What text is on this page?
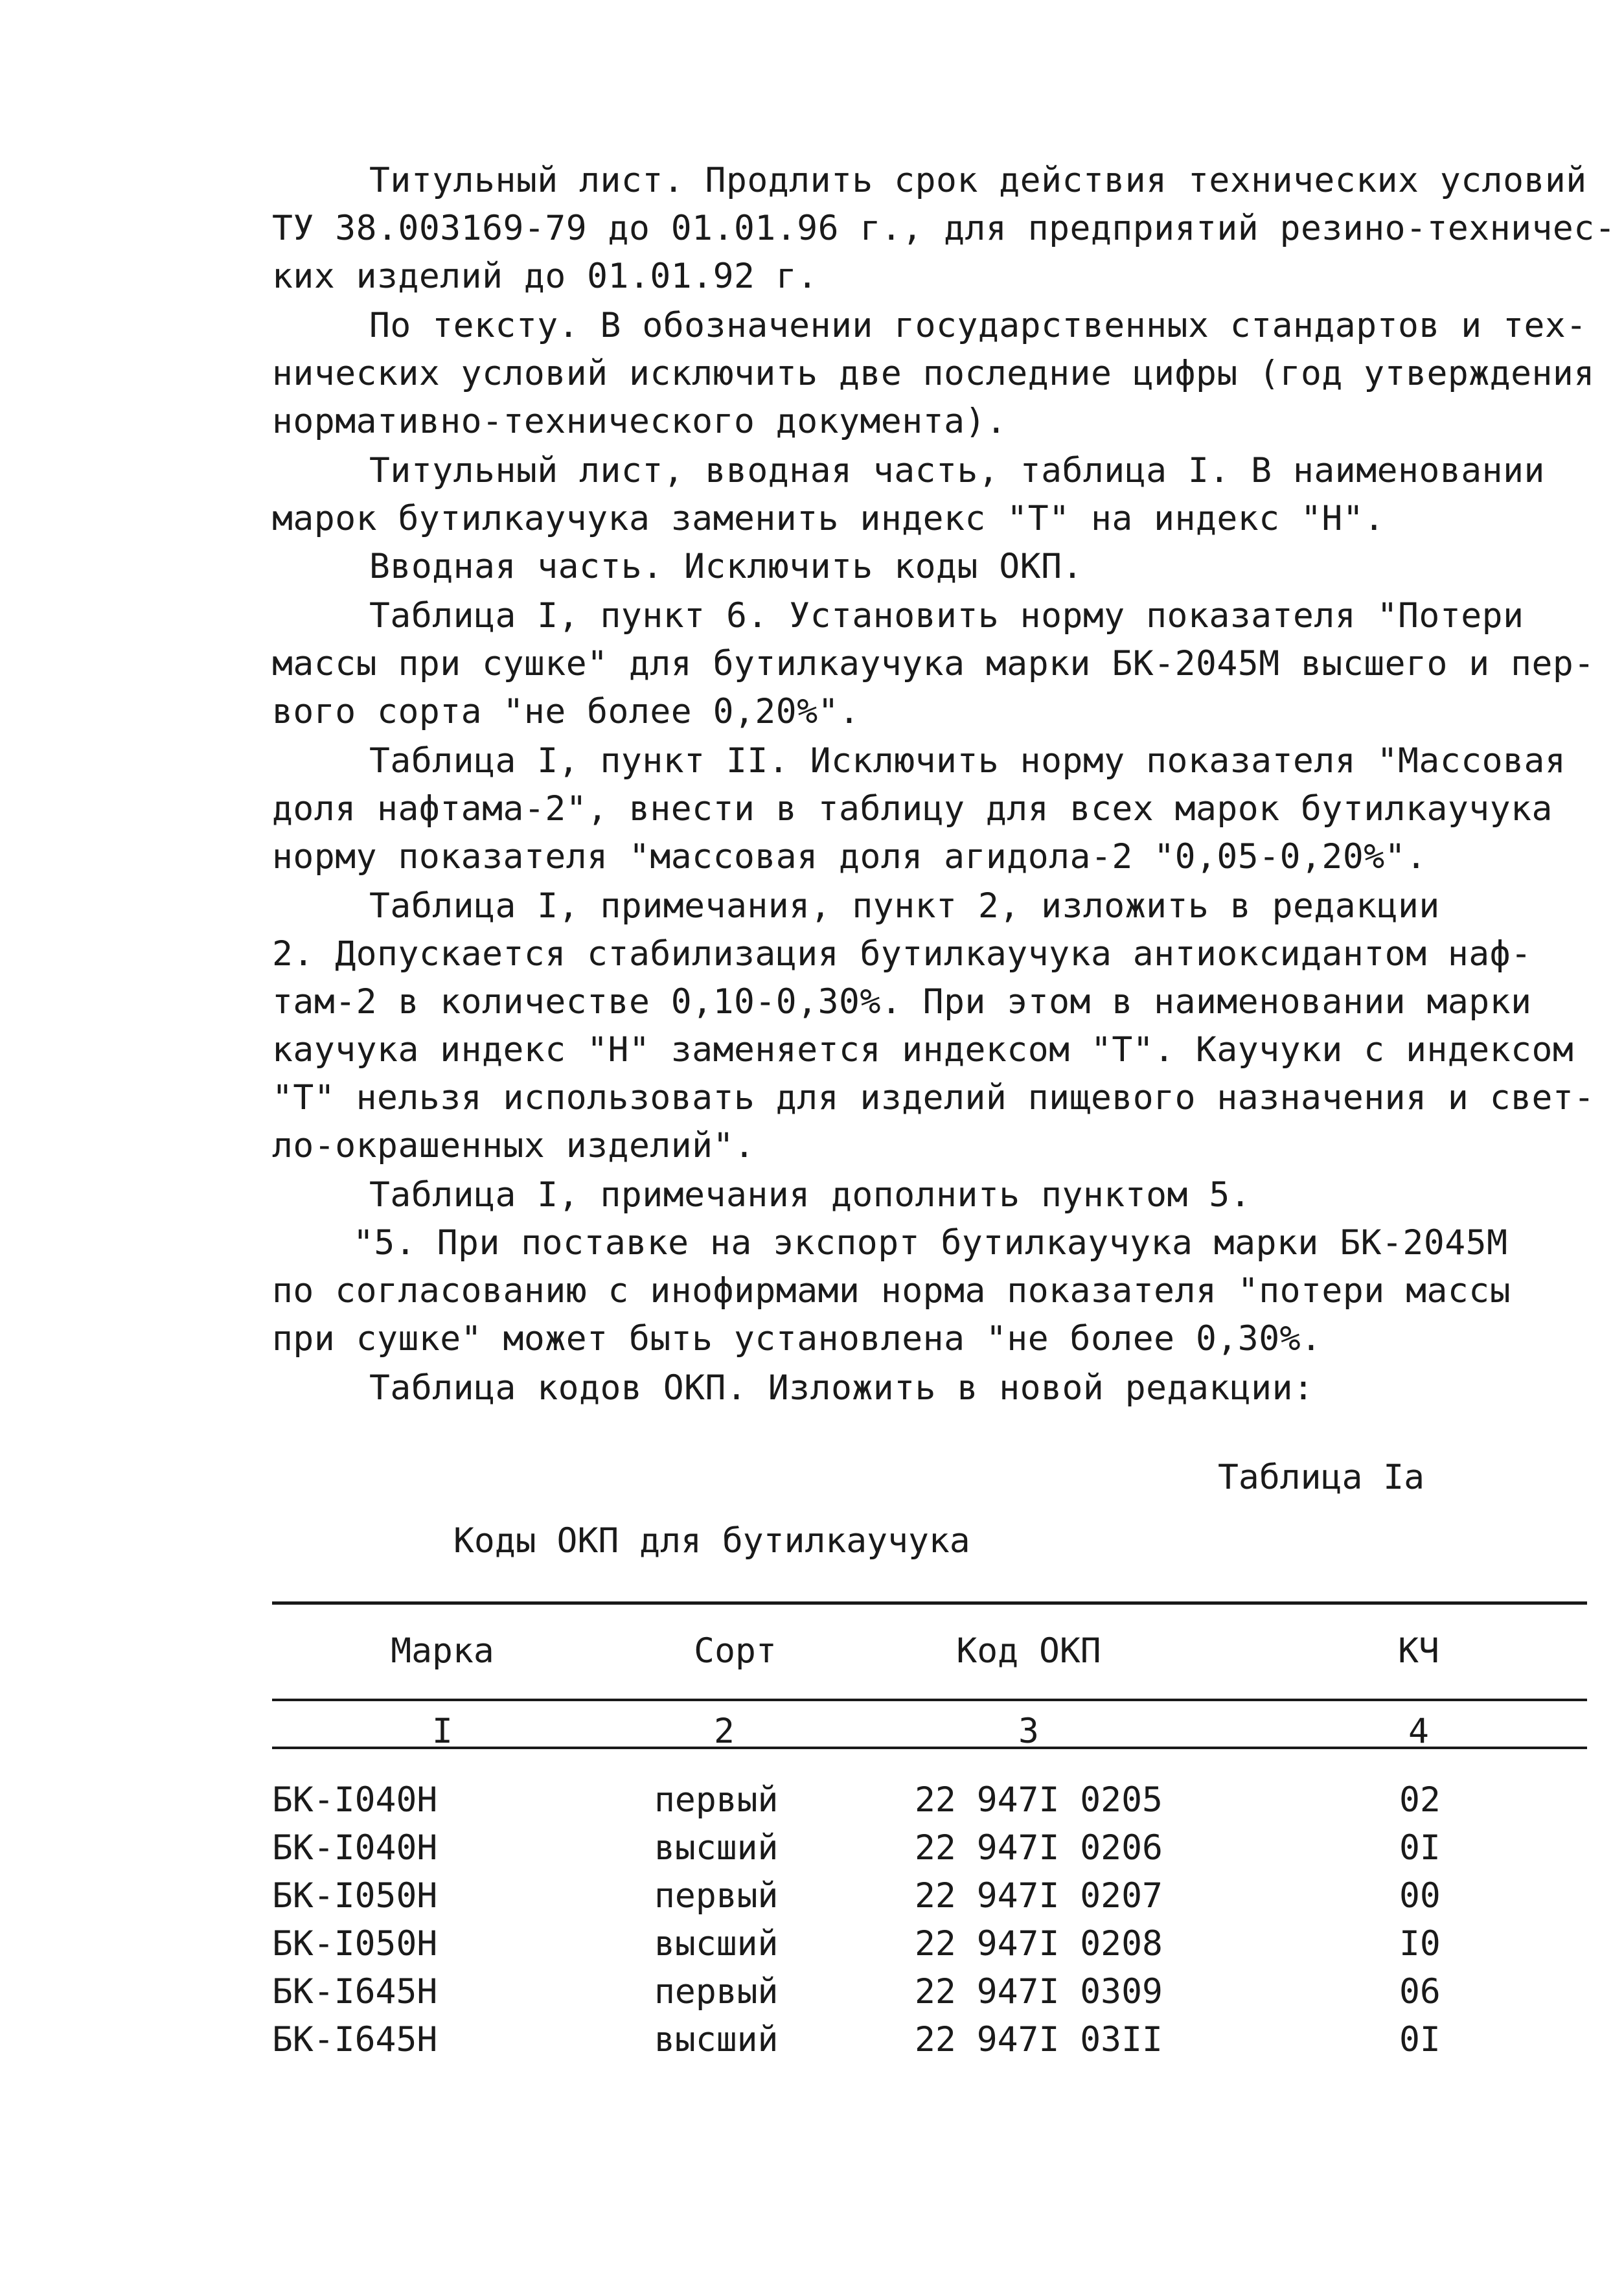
Титульный лист. Продлить срок действия технических условий
ТУ 38.003169-79 до 01.01.96 г., для предприятий резино-техничес-
ких изделий до 01.01.92 г.
По тексту. В обозначении государственных стандартов и тех-
нических условий исключить две последние цифры (год утверждения
нормативно-технического документа).
Титульный лист, вводная часть, таблица I. В наименовании
марок бутилкаучука заменить индекс "Т" на индекс "Н".
Вводная часть. Исключить коды ОКП.
Таблица I, пункт 6. Установить норму показателя "Потери
массы при сушке" для бутилкаучука марки БК-2045М высшего и пер-
вого сорта "не более 0,20%".
Таблица I, пункт II. Исключить норму показателя "Массовая
доля нафтама-2", внести в таблицу для всех марок бутилкаучука
норму показателя "массовая доля агидола-2 "0,05-0,20%".
Таблица I, примечания, пункт 2, изложить в редакции
2. Допускается стабилизация бутилкаучука антиоксидантом наф-
там-2 в количестве 0,10-0,30%. При этом в наименовании марки
каучука индекс "Н" заменяется индексом "Т". Каучуки с индексом
"Т" нельзя использовать для изделий пищевого назначения и свет-
ло-окрашенных изделий".
Таблица I, примечания дополнить пунктом 5.
"5. При поставке на экспорт бутилкаучука марки БК-2045М
по согласованию с инофирмами норма показателя "потери массы
при сушке" может быть установлена "не более 0,30%.
Таблица кодов ОКП. Изложить в новой редакции:
Таблица Iа
Коды ОКП для бутилкаучука
Марка	Сорт	Код ОКП	КЧ
I	2	3	4
БК-I040Н	первый	22 947I 0205	02
БК-I040Н	высший	22 947I 0206	0I
БК-I050Н	первый	22 947I 0207	00
БК-I050Н	высший	22 947I 0208	I0
БК-I645Н	первый	22 947I 0309	06
БК-I645Н	высший	22 947I 03II	0I
